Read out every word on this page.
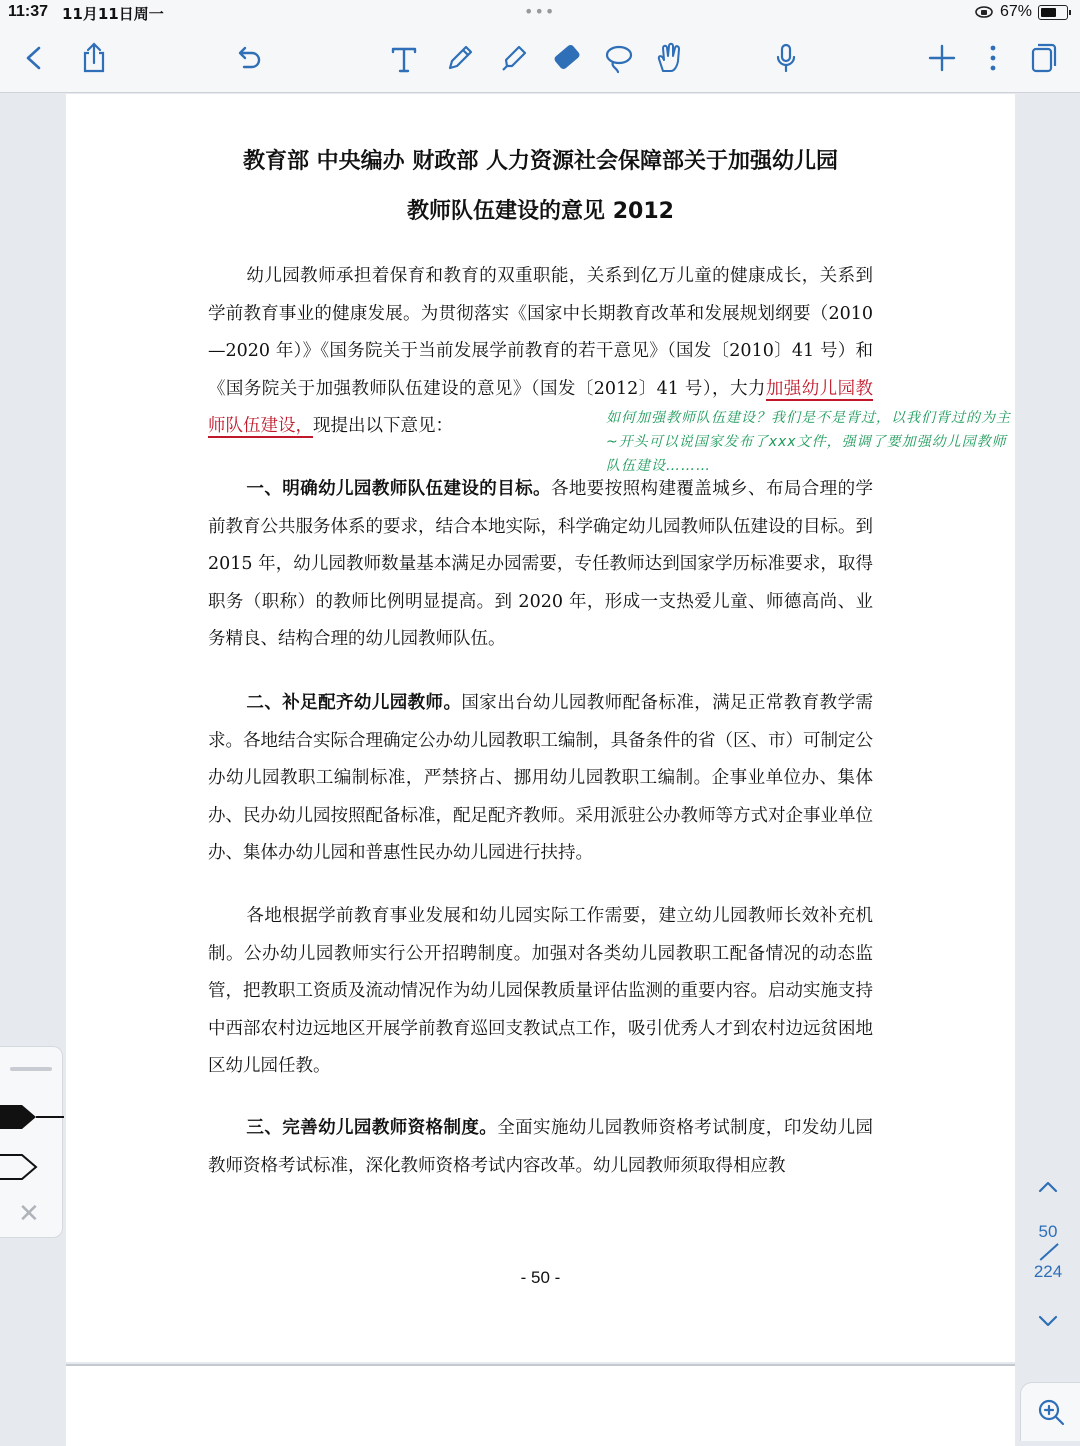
11:37 11月11日周一	•••	67%
教育部 中央编办 财政部 人力资源社会保障部关于加强幼儿园
教师队伍建设的意见 2012
幼儿园教师承担着保育和教育的双重职能，关系到亿万儿童的健康成长，关系到学前教育事业的健康发展。为贯彻落实《国家中长期教育改革和发展规划纲要（2010—2020 年）》《国务院关于当前发展学前教育的若干意见》（国发〔2010〕41 号）和《国务院关于加强教师队伍建设的意见》（国发〔2012〕41 号），大力加强幼儿园教师队伍建设，现提出以下意见：	如何加强教师队伍建设？我们是不是背过，以我们背过的为主~开头可以说国家发布了xxx文件，强调了要加强幼儿园教师队伍建设………
一、明确幼儿园教师队伍建设的目标。各地要按照构建覆盖城乡、布局合理的学前教育公共服务体系的要求，结合本地实际，科学确定幼儿园教师队伍建设的目标。到 2015 年，幼儿园教师数量基本满足办园需要，专任教师达到国家学历标准要求，取得职务（职称）的教师比例明显提高。到 2020 年，形成一支热爱儿童、师德高尚、业务精良、结构合理的幼儿园教师队伍。
二、补足配齐幼儿园教师。国家出台幼儿园教师配备标准，满足正常教育教学需求。各地结合实际合理确定公办幼儿园教职工编制，具备条件的省（区、市）可制定公办幼儿园教职工编制标准，严禁挤占、挪用幼儿园教职工编制。企事业单位办、集体办、民办幼儿园按照配备标准，配足配齐教师。采用派驻公办教师等方式对企事业单位办、集体办幼儿园和普惠性民办幼儿园进行扶持。
各地根据学前教育事业发展和幼儿园实际工作需要，建立幼儿园教师长效补充机制。公办幼儿园教师实行公开招聘制度。加强对各类幼儿园教职工配备情况的动态监管，把教职工资质及流动情况作为幼儿园保教质量评估监测的重要内容。启动实施支持中西部农村边远地区开展学前教育巡回支教试点工作，吸引优秀人才到农村边远贫困地区幼儿园任教。
三、完善幼儿园教师资格制度。全面实施幼儿园教师资格考试制度，印发幼儿园教师资格考试标准，深化教师资格考试内容改革。幼儿园教师须取得相应教
- 50 -
✕
50
224
